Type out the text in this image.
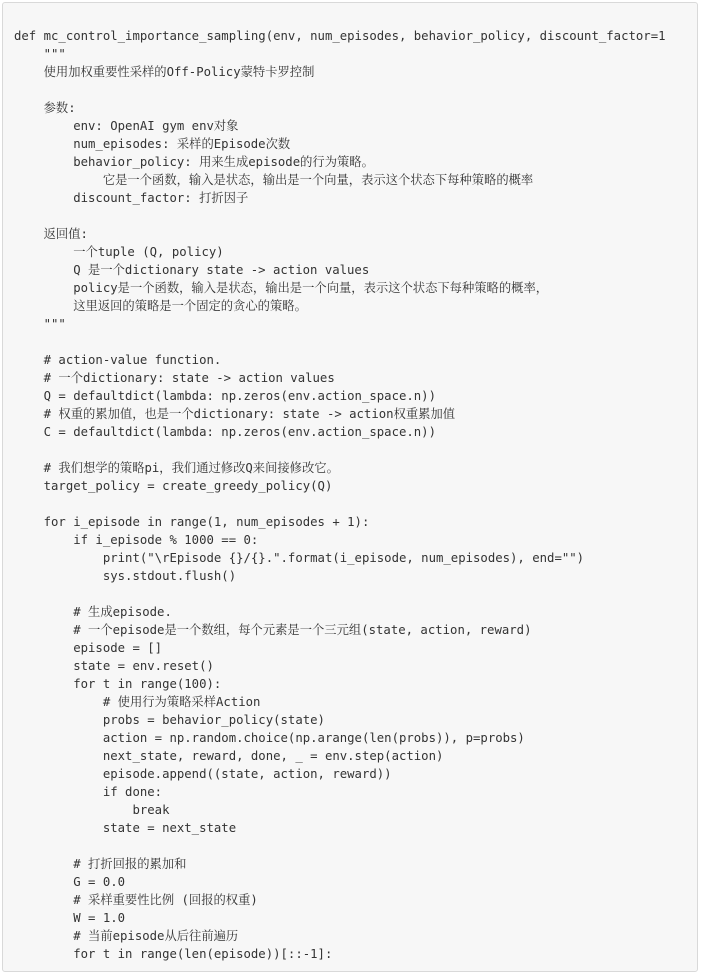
def mc_control_importance_sampling(env, num_episodes, behavior_policy, discount_factor=1
"""
使用加权重要性采样的Off-Policy蒙特卡罗控制
参数:
env: OpenAI gym env对象
num_episodes: 采样的Episode次数
behavior_policy: 用来生成episode的行为策略。
它是一个函数，输入是状态，输出是一个向量，表示这个状态下每种策略的概率
discount_factor: 打折因子
返回值:
一个tuple (Q, policy)
Q 是一个dictionary state -> action values
policy是一个函数，输入是状态，输出是一个向量，表示这个状态下每种策略的概率，
这里返回的策略是一个固定的贪心的策略。
"""
# action-value function.
# 一个dictionary: state -> action values
Q = defaultdict(lambda: np.zeros(env.action_space.n))
# 权重的累加值，也是一个dictionary: state -> action权重累加值
C = defaultdict(lambda: np.zeros(env.action_space.n))
# 我们想学的策略pi，我们通过修改Q来间接修改它。
target_policy = create_greedy_policy(Q)
for i_episode in range(1, num_episodes + 1):
if i_episode % 1000 == 0:
print("\rEpisode {}/{}.".format(i_episode, num_episodes), end="")
sys.stdout.flush()
# 生成episode.
# 一个episode是一个数组，每个元素是一个三元组(state, action, reward)
episode = []
state = env.reset()
for t in range(100):
# 使用行为策略采样Action
probs = behavior_policy(state)
action = np.random.choice(np.arange(len(probs)), p=probs)
next_state, reward, done, _ = env.step(action)
episode.append((state, action, reward))
if done:
break
state = next_state
# 打折回报的累加和
G = 0.0
# 采样重要性比例 (回报的权重)
W = 1.0
# 当前episode从后往前遍历
for t in range(len(episode))[::-1]:
